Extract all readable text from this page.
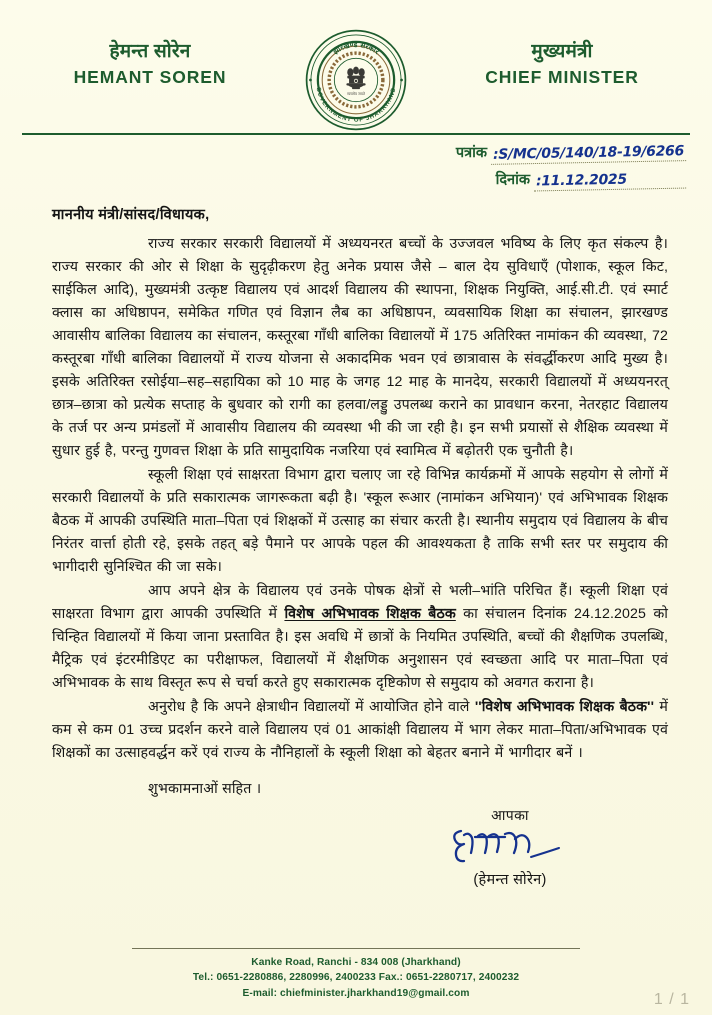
हेमन्त सोरेन
HEMANT SOREN
झारखण्ड सरकार
GOVERNMENT OF JHARKHAND
सत्यमेव जयते
मुख्यमंत्री
CHIEF MINISTER
पत्रांक :S/MC/05/140/18-19/6266
दिनांक :11.12.2025
माननीय मंत्री/सांसद/विधायक,

राज्य सरकार सरकारी विद्यालयों में अध्ययनरत बच्चों के उज्जवल भविष्य के लिए कृत संकल्प है। राज्य सरकार की ओर से शिक्षा के सुदृढ़ीकरण हेतु अनेक प्रयास जैसे – बाल देय सुविधाएँ (पोशाक, स्कूल किट, साईकिल आदि), मुख्यमंत्री उत्कृष्ट विद्यालय एवं आदर्श विद्यालय की स्थापना, शिक्षक नियुक्ति, आई.सी.टी. एवं स्मार्ट क्लास का अधिष्ठापन, समेकित गणित एवं विज्ञान लैब का अधिष्ठापन, व्यवसायिक शिक्षा का संचालन, झारखण्ड आवासीय बालिका विद्यालय का संचालन, कस्तूरबा गाँधी बालिका विद्यालयों में 175 अतिरिक्त नामांकन की व्यवस्था, 72 कस्तूरबा गाँधी बालिका विद्यालयों में राज्य योजना से अकादमिक भवन एवं छात्रावास के संवर्द्धीकरण आदि मुख्य है। इसके अतिरिक्त रसोईया–सह–सहायिका को 10 माह के जगह 12 माह के मानदेय, सरकारी विद्यालयों में अध्ययनरत् छात्र–छात्रा को प्रत्येक सप्ताह के बुधवार को रागी का हलवा/लड्डु उपलब्ध कराने का प्रावधान करना, नेतरहाट विद्यालय के तर्ज पर अन्य प्रमंडलों में आवासीय विद्यालय की व्यवस्था भी की जा रही है। इन सभी प्रयासों से शैक्षिक व्यवस्था में सुधार हुई है, परन्तु गुणवत्त शिक्षा के प्रति सामुदायिक नजरिया एवं स्वामित्व में बढ़ोतरी एक चुनौती है।

स्कूली शिक्षा एवं साक्षरता विभाग द्वारा चलाए जा रहे विभिन्न कार्यक्रमों में आपके सहयोग से लोगों में सरकारी विद्यालयों के प्रति सकारात्मक जागरूकता बढ़ी है। 'स्कूल रूआर (नामांकन अभियान)' एवं अभिभावक शिक्षक बैठक में आपकी उपस्थिति माता–पिता एवं शिक्षकों में उत्साह का संचार करती है। स्थानीय समुदाय एवं विद्यालय के बीच निरंतर वार्त्ता होती रहे, इसके तहत् बड़े पैमाने पर आपके पहल की आवश्यकता है ताकि सभी स्तर पर समुदाय की भागीदारी सुनिश्चित की जा सके।

आप अपने क्षेत्र के विद्यालय एवं उनके पोषक क्षेत्रों से भली–भांति परिचित हैं। स्कूली शिक्षा एवं साक्षरता विभाग द्वारा आपकी उपस्थिति में विशेष अभिभावक शिक्षक बैठक का संचालन दिनांक 24.12.2025 को चिन्हित विद्यालयों में किया जाना प्रस्तावित है। इस अवधि में छात्रों के नियमित उपस्थिति, बच्चों की शैक्षणिक उपलब्धि, मैट्रिक एवं इंटरमीडिएट का परीक्षाफल, विद्यालयों में शैक्षणिक अनुशासन एवं स्वच्छता आदि पर माता–पिता एवं अभिभावक के साथ विस्तृत रूप से चर्चा करते हुए सकारात्मक दृष्टिकोण से समुदाय को अवगत कराना है।

अनुरोध है कि अपने क्षेत्राधीन विद्यालयों में आयोजित होने वाले ''विशेष अभिभावक शिक्षक बैठक'' में कम से कम 01 उच्च प्रदर्शन करने वाले विद्यालय एवं 01 आकांक्षी विद्यालय में भाग लेकर माता–पिता/अभिभावक एवं शिक्षकों का उत्साहवर्द्धन करें एवं राज्य के नौनिहालों के स्कूली शिक्षा को बेहतर बनाने में भागीदार बनें ।

शुभकामनाओं सहित ।
आपका
(हेमन्त सोरेन)
Kanke Road, Ranchi - 834 008 (Jharkhand)
Tel.: 0651-2280886, 2280996, 2400233 Fax.: 0651-2280717, 2400232
E-mail: chiefminister.jharkhand19@gmail.com	1 / 1
